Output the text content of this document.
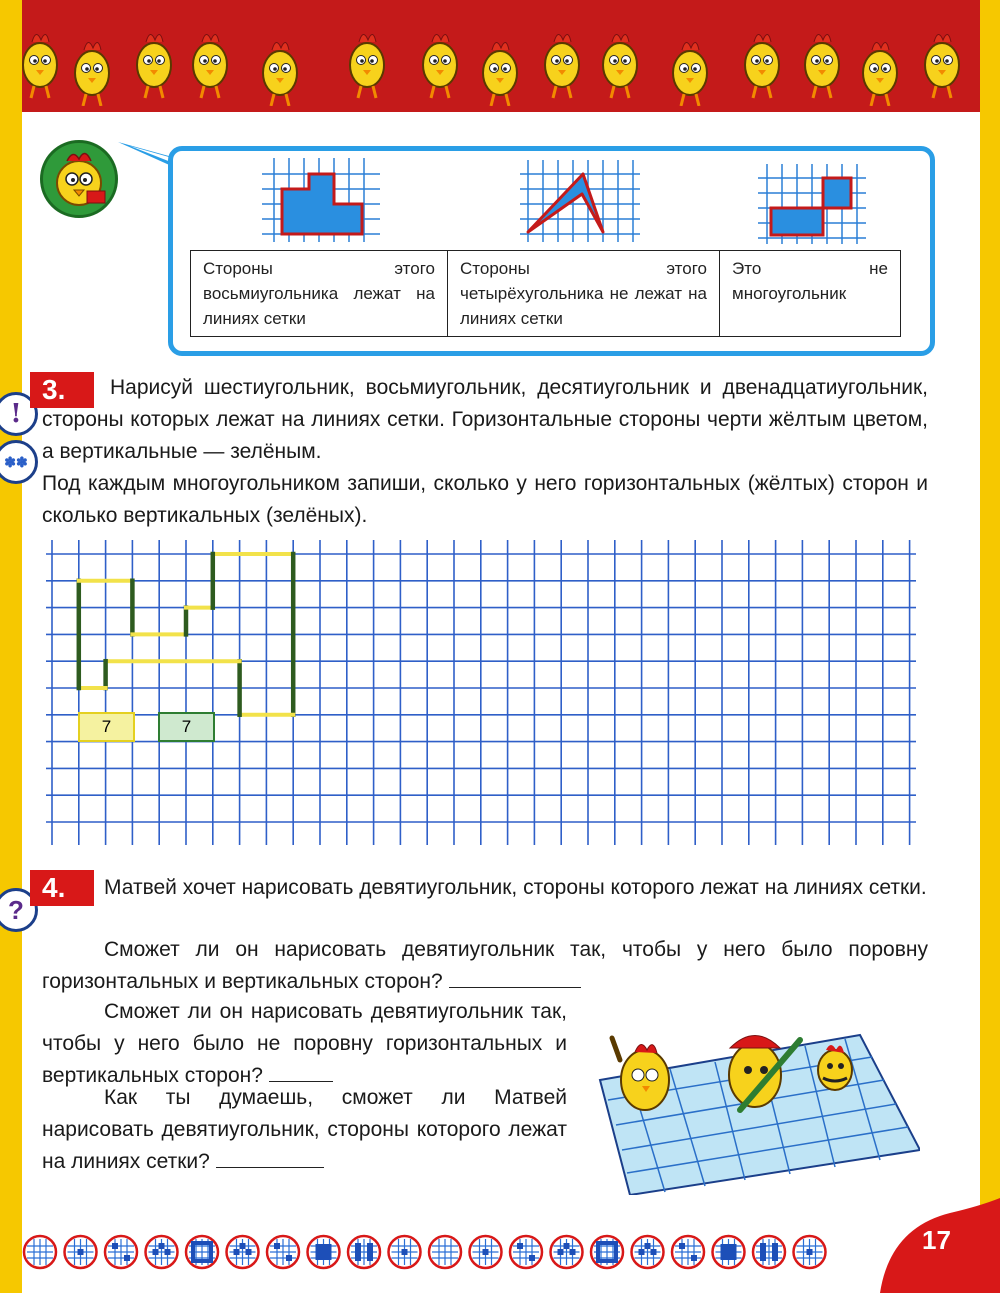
Стороны этого восьмиугольника лежат на линиях сетки	Стороны этого четырёхугольника не лежат на линиях сетки	Это не многоугольник
!
✽✽
3.	Нарисуй шестиугольник, восьмиугольник, десятиугольник и двенадцатиугольник, стороны которых лежат на линиях сетки. Горизонтальные стороны черти жёлтым цветом, а вертикальные — зелёным.

Под каждым многоугольником запиши, сколько у него горизонтальных (жёлтых) сторон и сколько вертикальных (зелёных).

7	7
?
4.	Матвей хочет нарисовать девятиугольник, стороны которого лежат на линиях сетки.

Сможет ли он нарисовать девятиугольник так, чтобы у него было поровну горизонтальных и вертикальных сторон?

Сможет ли он нарисовать девятиугольник так, чтобы у него было не поровну горизонтальных и вертикальных сторон?

Как ты думаешь, сможет ли Матвей нарисовать девятиугольник, стороны которого лежат на линиях сетки?

17
